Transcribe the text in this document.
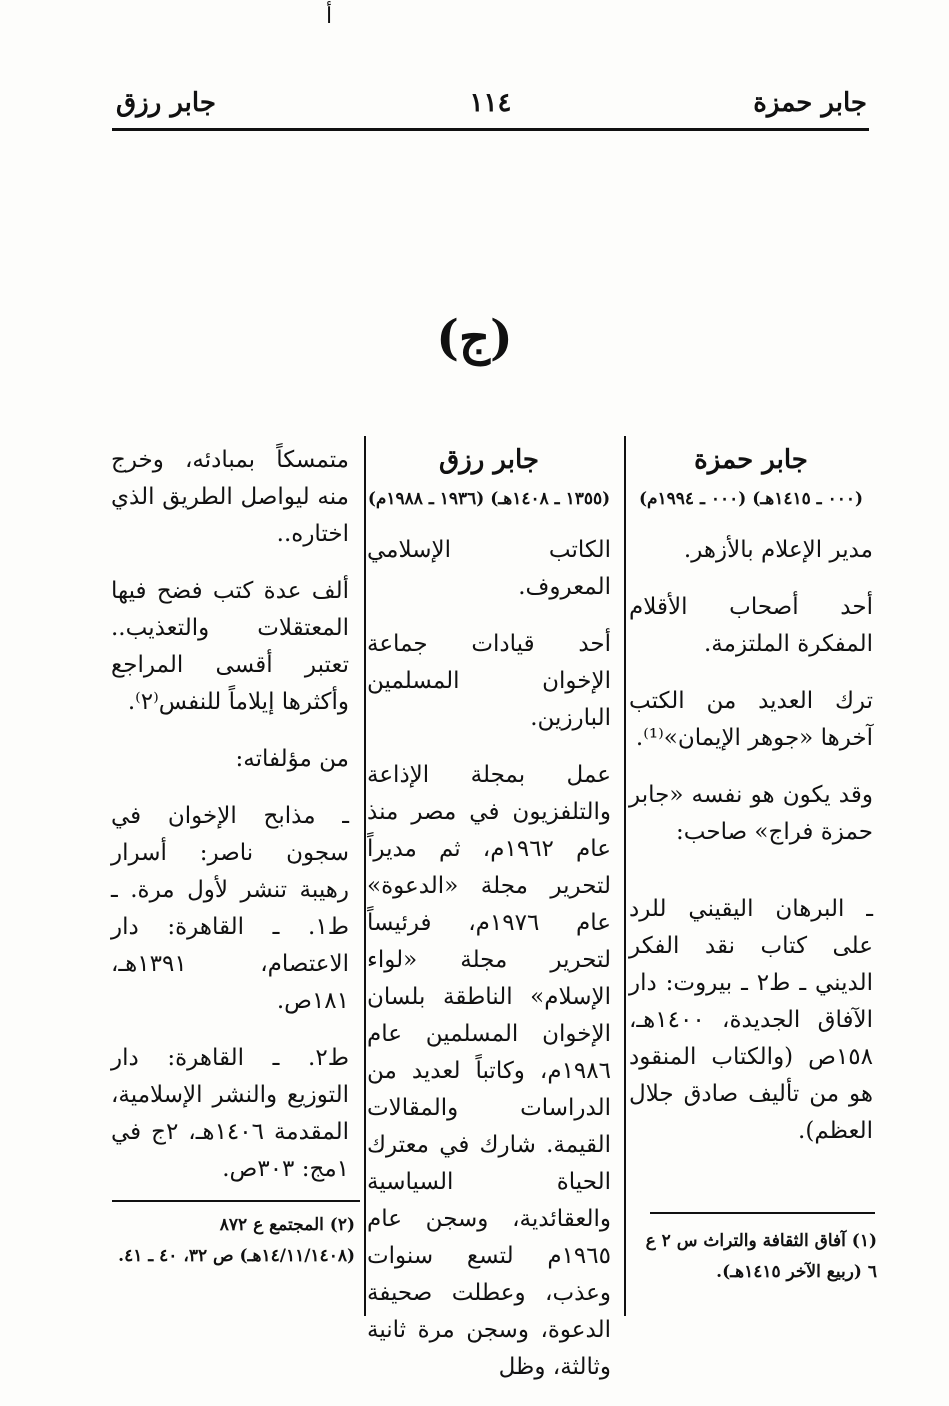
أ
جابر حمزة
١١٤
جابر رزق
(ج)
جابر حمزة
(٠٠٠ ـ ١٤١٥هـ) (٠٠٠ ـ ١٩٩٤م)

مدير الإعلام بالأزهر.

أحد أصحاب الأقلام المفكرة الملتزمة.

ترك العديد من الكتب آخرها «جوهر الإيمان»⁽¹⁾.

وقد يكون هو نفسه «جابر حمزة فراج» صاحب:

ـ البرهان اليقيني للرد على كتاب نقد الفكر الديني ـ ط٢ ـ بيروت: دار الآفاق الجديدة، ١٤٠٠هـ، ١٥٨ص (والكتاب المنقود هو من تأليف صادق جلال العظم).

جابر رزق
(١٣٥٥ ـ ١٤٠٨هـ) (١٩٣٦ ـ ١٩٨٨م)

الكاتب الإسلامي المعروف.

أحد قيادات جماعة الإخوان المسلمين البارزين.

عمل بمجلة الإذاعة والتلفزيون في مصر منذ عام ١٩٦٢م، ثم مديراً لتحرير مجلة «الدعوة» عام ١٩٧٦م، فرئيساً لتحرير مجلة «لواء الإسلام» الناطقة بلسان الإخوان المسلمين عام ١٩٨٦م، وكاتباً لعديد من الدراسات والمقالات القيمة. شارك في معترك الحياة السياسية والعقائدية، وسجن عام ١٩٦٥م لتسع سنوات وعذب، وعطلت صحيفة الدعوة، وسجن مرة ثانية وثالثة، وظل

متمسكاً بمبادئه، وخرج منه ليواصل الطريق الذي اختاره..

ألف عدة كتب فضح فيها المعتقلات والتعذيب.. تعتبر أقسى المراجع وأكثرها إيلاماً للنفس⁽٢⁾.

من مؤلفاته:

ـ مذابح الإخوان في سجون ناصر: أسرار رهيبة تنشر لأول مرة. ـ ط١. ـ القاهرة: دار الاعتصام، ١٣٩١هـ، ١٨١ص.

ط٢. ـ القاهرة: دار التوزيع والنشر الإسلامية، المقدمة ١٤٠٦هـ، ٢ج في ١مج: ٣٠٣ص.

(١) آفاق الثقافة والتراث س ٢ ع ٦ (ربيع الآخر ١٤١٥هـ).
(٢) المجتمع ع ٨٧٢ (١٤/١١/١٤٠٨هـ) ص ٣٢، ٤٠ ـ ٤١.
